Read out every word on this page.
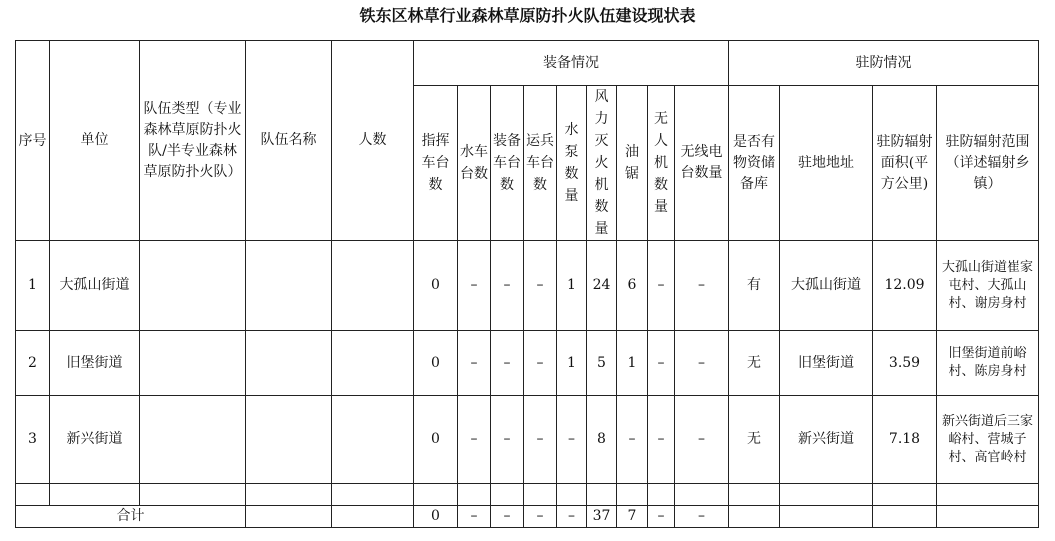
铁东区林草行业森林草原防扑火队伍建设现状表
序号	单位	队伍类型（专业森林草原防扑火队/半专业森林草原防扑火队）	队伍名称	人数	装备情况									驻防情况			
					指挥车台数	水车台数	装备车台数	运兵车台数	水泵数量	风力灭火机数量	油锯	无人机数量	无线电台数量	是否有物资储备库	驻地地址	驻防辐射面积(平方公里)	驻防辐射范围（详述辐射乡镇）
1	大孤山街道				0	–	–	–	1	24	6	–	–	有	大孤山街道	12.09	大孤山街道崔家屯村、大孤山村、谢房身村
2	旧堡街道				0	–	–	–	1	5	1	–	–	无	旧堡街道	3.59	旧堡街道前峪村、陈房身村
3	新兴街道				0	–	–	–	–	8	–	–	–	无	新兴街道	7.18	新兴街道后三家峪村、营城子村、高官岭村

合计					0	–	–	–	–	37	7	–	–				
